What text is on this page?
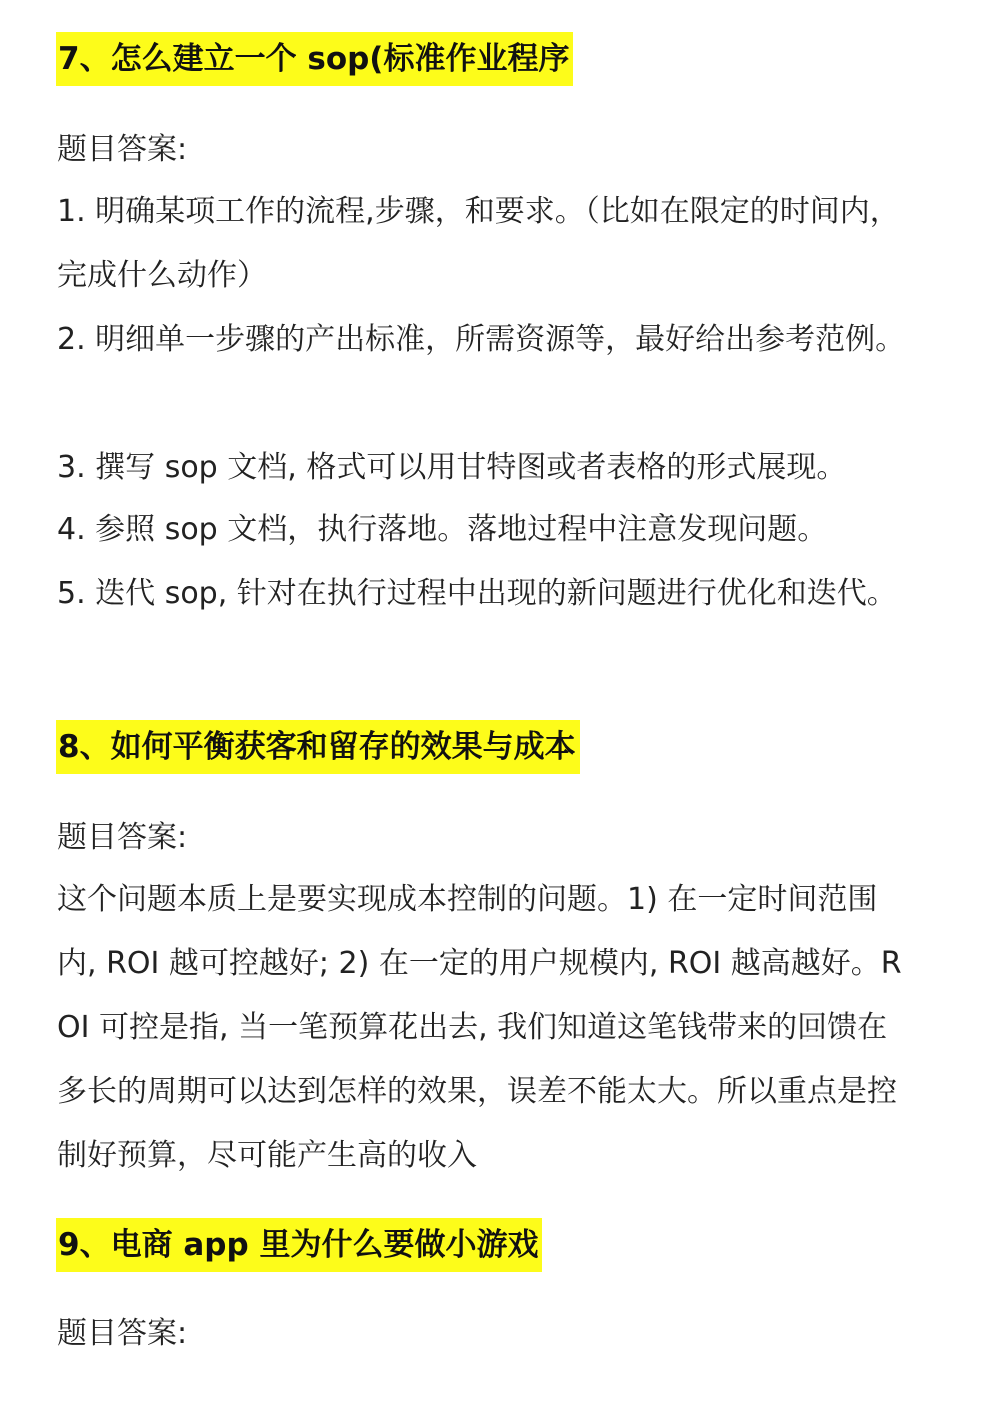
7、怎么建立一个 sop(标准作业程序
题目答案:
1. 明确某项工作的流程,步骤，和要求。（比如在限定的时间内，完成什么动作）
2. 明细单一步骤的产出标准，所需资源等，最好给出参考范例。
3. 撰写 sop 文档, 格式可以用甘特图或者表格的形式展现。
4. 参照 sop 文档，执行落地。落地过程中注意发现问题。
5. 迭代 sop, 针对在执行过程中出现的新问题进行优化和迭代。
8、如何平衡获客和留存的效果与成本
题目答案:
这个问题本质上是要实现成本控制的问题。1) 在一定时间范围内, ROI 越可控越好; 2) 在一定的用户规模内, ROI 越高越好。ROI 可控是指, 当一笔预算花出去, 我们知道这笔钱带来的回馈在多长的周期可以达到怎样的效果，误差不能太大。所以重点是控制好预算，尽可能产生高的收入
9、电商 app 里为什么要做小游戏
题目答案:
